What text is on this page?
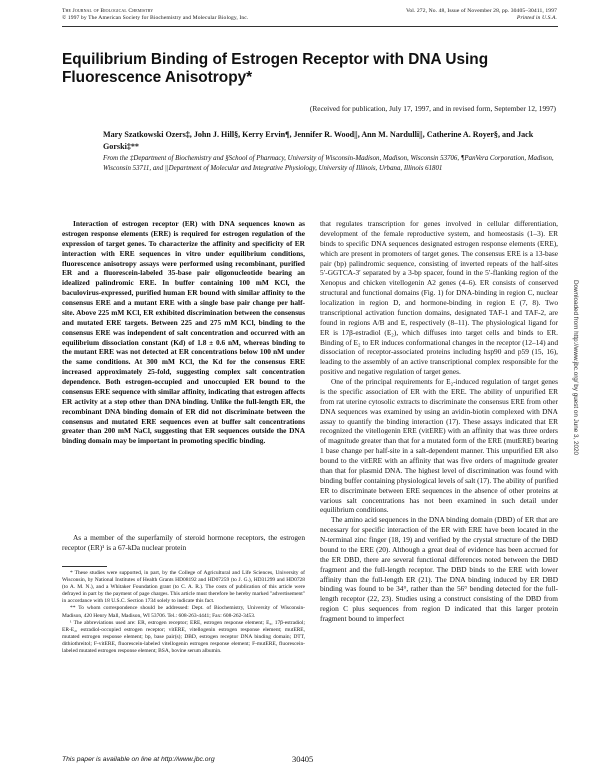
The Journal of Biological Chemistry
© 1997 by The American Society for Biochemistry and Molecular Biology, Inc.
Vol. 272, No. 48, Issue of November 28, pp. 30405–30411, 1997
Printed in U.S.A.
Equilibrium Binding of Estrogen Receptor with DNA Using Fluorescence Anisotropy*
(Received for publication, July 17, 1997, and in revised form, September 12, 1997)
Mary Szatkowski Ozers‡, John J. Hill§, Kerry Ervin¶, Jennifer R. Wood||, Ann M. Nardulli||, Catherine A. Royer§, and Jack Gorski‡**
From the ‡Department of Biochemistry and §School of Pharmacy, University of Wisconsin-Madison, Madison, Wisconsin 53706, ¶PanVera Corporation, Madison, Wisconsin 53711, and ||Department of Molecular and Integrative Physiology, University of Illinois, Urbana, Illinois 61801

Interaction of estrogen receptor (ER) with DNA sequences known as estrogen response elements (ERE) is required for estrogen regulation of the expression of target genes. To characterize the affinity and specificity of ER interaction with ERE sequences in vitro under equilibrium conditions, fluorescence anisotropy assays were performed using recombinant, purified ER and a fluorescein-labeled 35-base pair oligonucleotide bearing an idealized palindromic ERE. In buffer containing 100 mM KCl, the baculovirus-expressed, purified human ER bound with similar affinity to the consensus ERE and a mutant ERE with a single base pair change per half-site. Above 225 mM KCl, ER exhibited discrimination between the consensus and mutated ERE targets. Between 225 and 275 mM KCl, binding to the consensus ERE was independent of salt concentration and occurred with an equilibrium dissociation constant (Kd) of 1.8 ± 0.6 nM, whereas binding to the mutant ERE was not detected at ER concentrations below 100 nM under the same conditions. At 300 mM KCl, the Kd for the consensus ERE increased approximately 25-fold, suggesting complex salt concentration dependence. Both estrogen-occupied and unoccupied ER bound to the consensus ERE sequence with similar affinity, indicating that estrogen affects ER activity at a step other than DNA binding. Unlike the full-length ER, the recombinant DNA binding domain of ER did not discriminate between the consensus and mutated ERE sequences even at buffer salt concentrations greater than 200 mM NaCl, suggesting that ER sequences outside the DNA binding domain may be important in promoting specific binding.

As a member of the superfamily of steroid hormone receptors, the estrogen receptor (ER)¹ is a 67-kDa nuclear protein

* These studies were supported, in part, by the College of Agricultural and Life Sciences, University of Wisconsin, by National Institutes of Health Grants HD08192 and HD07259 (to J. G.), HD31299 and HD0728 (to A. M. N.), and a Whitaker Foundation grant (to C. A. R.). The costs of publication of this article were defrayed in part by the payment of page charges. This article must therefore be hereby marked "advertisement" in accordance with 18 U.S.C. Section 1734 solely to indicate this fact.

** To whom correspondence should be addressed: Dept. of Biochemistry, University of Wisconsin-Madison, 420 Henry Mall, Madison, WI 53706. Tel.: 608-263-4441; Fax: 608-262-3453.

¹ The abbreviations used are: ER, estrogen receptor; ERE, estrogen response element; E₂, 17β-estradiol; ER-E₂, estradiol-occupied estrogen receptor; vitERE, vitellogenin estrogen response element; mutERE, mutated estrogen response element; bp, base pair(s); DBD, estrogen receptor DNA binding domain; DTT, dithiothreitol; F-vitERE, fluorescein-labeled vitellogenin estrogen response element; F-mutERE, fluorescein-labeled mutated estrogen response element; BSA, bovine serum albumin.

that regulates transcription for genes involved in cellular differentiation, development of the female reproductive system, and homeostasis (1–3). ER binds to specific DNA sequences designated estrogen response elements (ERE), which are present in promoters of target genes. The consensus ERE is a 13-base pair (bp) palindromic sequence, consisting of inverted repeats of the half-sites 5′-GGTCA-3′ separated by a 3-bp spacer, found in the 5′-flanking region of the Xenopus and chicken vitellogenin A2 genes (4–6). ER consists of conserved structural and functional domains (Fig. 1) for DNA-binding in region C, nuclear localization in region D, and hormone-binding in region E (7, 8). Two transcriptional activation function domains, designated TAF-1 and TAF-2, are found in regions A/B and E, respectively (8–11). The physiological ligand for ER is 17β-estradiol (E₂), which diffuses into target cells and binds to ER. Binding of E₂ to ER induces conformational changes in the receptor (12–14) and dissociation of receptor-associated proteins including hsp90 and p59 (15, 16), leading to the assembly of an active transcriptional complex responsible for the positive and negative regulation of target genes.

One of the principal requirements for E₂-induced regulation of target genes is the specific association of ER with the ERE. The ability of unpurified ER from rat uterine cytosolic extracts to discriminate the consensus ERE from other DNA sequences was examined by using an avidin-biotin complexed with DNA assay to quantify the binding interaction (17). These assays indicated that ER recognized the vitellogenin ERE (vitERE) with an affinity that was three orders of magnitude greater than that for a mutated form of the ERE (mutERE) bearing 1 base change per half-site in a salt-dependent manner. This unpurified ER also bound to the vitERE with an affinity that was five orders of magnitude greater than that for plasmid DNA. The highest level of discrimination was found with binding buffer containing physiological levels of salt (17). The ability of purified ER to discriminate between ERE sequences in the absence of other proteins at various salt concentrations has not been examined in such detail under equilibrium conditions.

The amino acid sequences in the DNA binding domain (DBD) of ER that are necessary for specific interaction of the ER with ERE have been located in the N-terminal zinc finger (18, 19) and verified by the crystal structure of the DBD bound to the ERE (20). Although a great deal of evidence has been accrued for the ER DBD, there are several functional differences noted between the DBD fragment and the full-length receptor. The DBD binds to the ERE with lower affinity than the full-length ER (21). The DNA binding induced by ER DBD binding was found to be 34°, rather than the 56° bending detected for the full-length receptor (22, 23). Studies using a construct consisting of the DBD from region C plus sequences from region D indicated that this larger protein fragment bound to imperfect

This paper is available on line at http://www.jbc.org	30405
Downloaded from http://www.jbc.org/ by guest on June 3, 2020
